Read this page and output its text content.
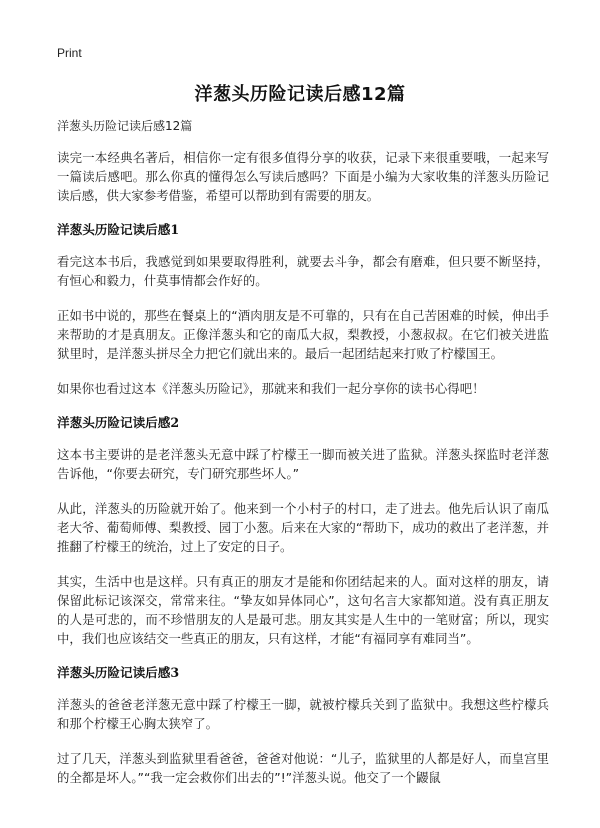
Print
洋葱头历险记读后感12篇

洋葱头历险记读后感12篇

读完一本经典名著后，相信你一定有很多值得分享的收获，记录下来很重要哦，一起来写一篇读后感吧。那么你真的懂得怎么写读后感吗？下面是小编为大家收集的洋葱头历险记读后感，供大家参考借鉴，希望可以帮助到有需要的朋友。

洋葱头历险记读后感1

看完这本书后，我感觉到如果要取得胜利，就要去斗争，都会有磨难，但只要不断坚持，有恒心和毅力，什莫事情都会作好的。

正如书中说的，那些在餐桌上的“酒肉朋友是不可靠的，只有在自己苦困难的时候，伸出手来帮助的才是真朋友。正像洋葱头和它的南瓜大叔，梨教授，小葱叔叔。在它们被关进监狱里时，是洋葱头拼尽全力把它们就出来的。最后一起团结起来打败了柠檬国王。

如果你也看过这本《洋葱头历险记》，那就来和我们一起分享你的读书心得吧！

洋葱头历险记读后感2

这本书主要讲的是老洋葱头无意中踩了柠檬王一脚而被关进了监狱。洋葱头探监时老洋葱告诉他，“你要去研究，专门研究那些坏人。”

从此，洋葱头的历险就开始了。他来到一个小村子的村口，走了进去。他先后认识了南瓜老大爷、葡萄师傅、梨教授、园丁小葱。后来在大家的“帮助下，成功的救出了老洋葱，并推翻了柠檬王的统治，过上了安定的日子。

其实，生活中也是这样。只有真正的朋友才是能和你团结起来的人。面对这样的朋友，请保留此标记该深交，常常来往。“挚友如异体同心”，这句名言大家都知道。没有真正朋友的人是可悲的，而不珍惜朋友的人是最可悲。朋友其实是人生中的一笔财富；所以，现实中，我们也应该结交一些真正的朋友，只有这样，才能“有福同享有难同当”。

洋葱头历险记读后感3

洋葱头的爸爸老洋葱无意中踩了柠檬王一脚，就被柠檬兵关到了监狱中。我想这些柠檬兵和那个柠檬王心胸太狭窄了。

过了几天，洋葱头到监狱里看爸爸，爸爸对他说：“儿子，监狱里的人都是好人，而皇宫里的全都是坏人。”“我一定会救你们出去的”!”洋葱头说。他交了一个鼹鼠
